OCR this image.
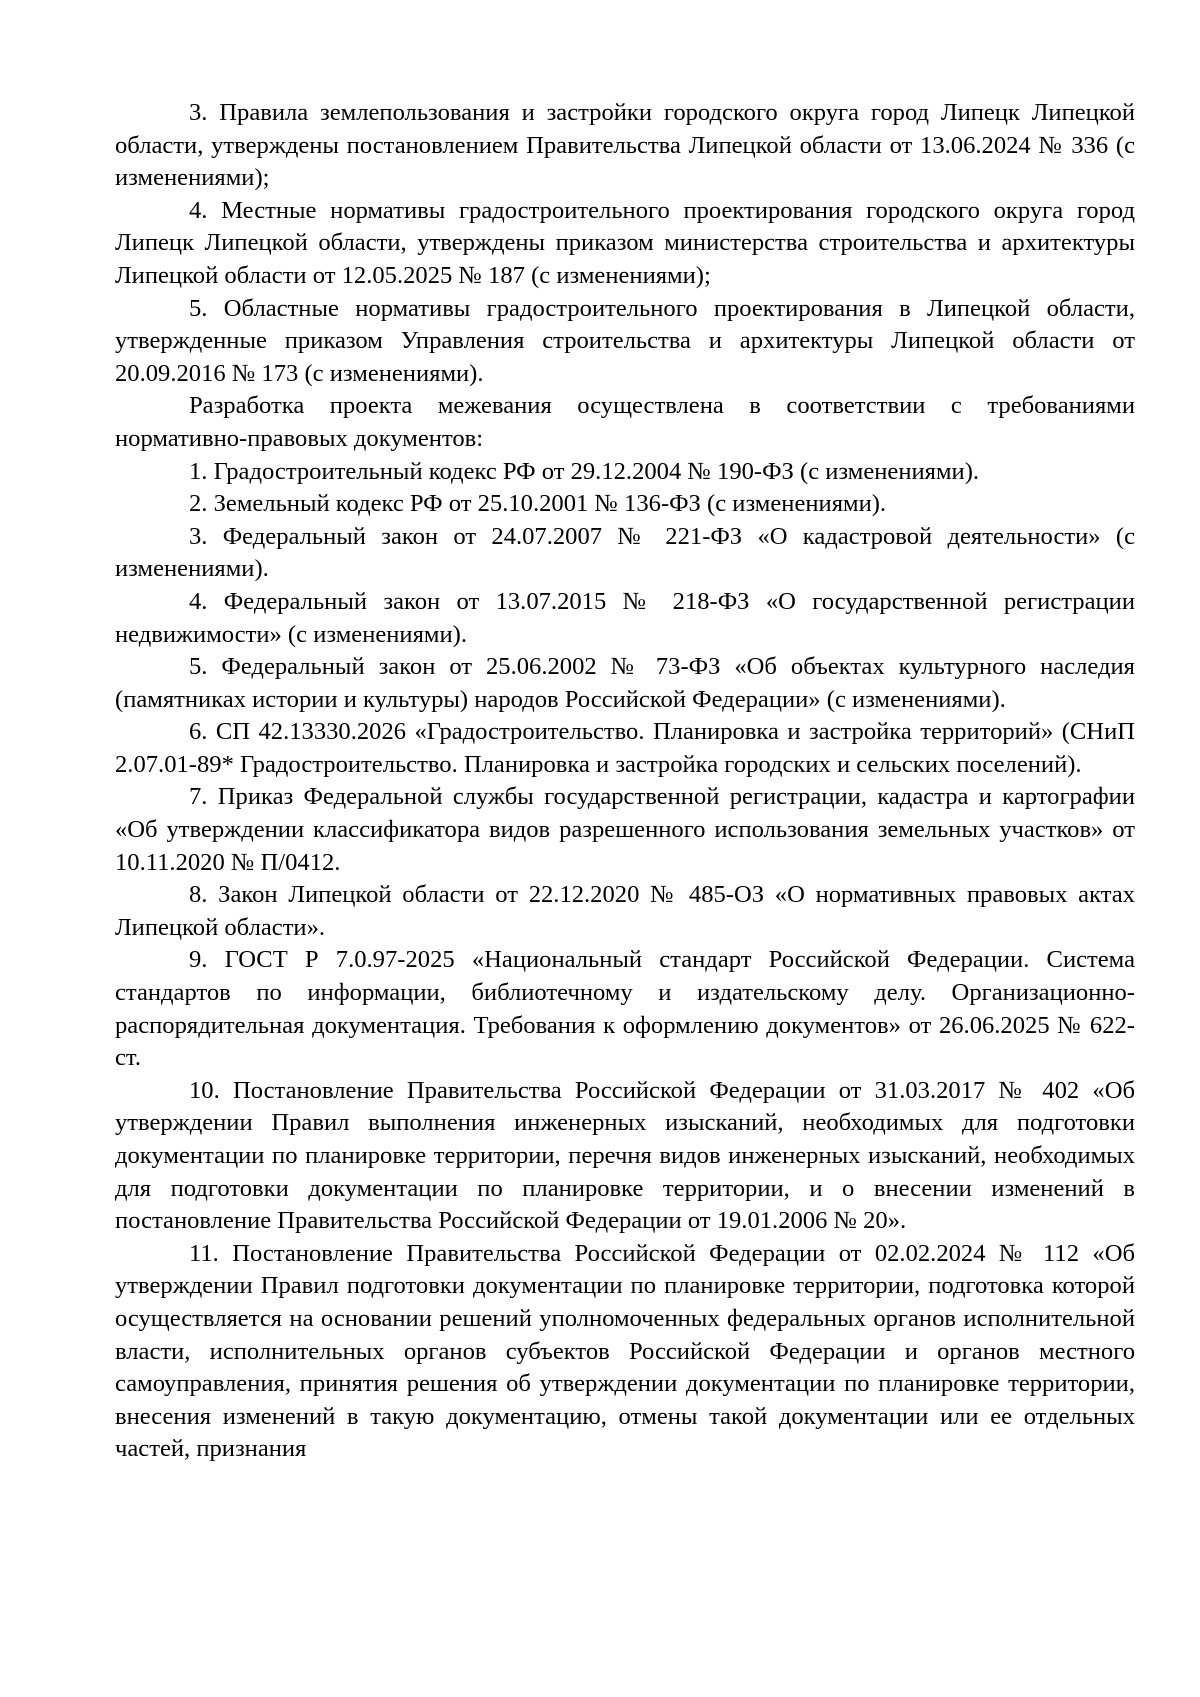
3. Правила землепользования и застройки городского округа город Липецк Липецкой области, утверждены постановлением Правительства Липецкой области от 13.06.2024 № 336 (с изменениями);

4. Местные нормативы градостроительного проектирования городского округа город Липецк Липецкой области, утверждены приказом министерства строительства и архитектуры Липецкой области от 12.05.2025 № 187 (с изменениями);

5. Областные нормативы градостроительного проектирования в Липецкой области, утвержденные приказом Управления строительства и архитектуры Липецкой области от 20.09.2016 № 173 (с изменениями).

Разработка проекта межевания осуществлена в соответствии с требованиями нормативно-правовых документов:

1. Градостроительный кодекс РФ от 29.12.2004 № 190-ФЗ (с изменениями).

2. Земельный кодекс РФ от 25.10.2001 № 136-ФЗ (с изменениями).

3. Федеральный закон от 24.07.2007 № 221-ФЗ «О кадастровой деятельности» (с изменениями).

4. Федеральный закон от 13.07.2015 № 218-ФЗ «О государственной регистрации недвижимости» (с изменениями).

5. Федеральный закон от 25.06.2002 № 73-ФЗ «Об объектах культурного наследия (памятниках истории и культуры) народов Российской Федерации» (с изменениями).

6. СП 42.13330.2026 «Градостроительство. Планировка и застройка территорий» (СНиП 2.07.01-89* Градостроительство. Планировка и застройка городских и сельских поселений).

7. Приказ Федеральной службы государственной регистрации, кадастра и картографии «Об утверждении классификатора видов разрешенного использования земельных участков» от 10.11.2020 № П/0412.

8. Закон Липецкой области от 22.12.2020 № 485-ОЗ «О нормативных правовых актах Липецкой области».

9. ГОСТ Р 7.0.97-2025 «Национальный стандарт Российской Федерации. Система стандартов по информации, библиотечному и издательскому делу. Организационно-распорядительная документация. Требования к оформлению документов» от 26.06.2025 № 622-ст.

10. Постановление Правительства Российской Федерации от 31.03.2017 № 402 «Об утверждении Правил выполнения инженерных изысканий, необходимых для подготовки документации по планировке территории, перечня видов инженерных изысканий, необходимых для подготовки документации по планировке территории, и о внесении изменений в постановление Правительства Российской Федерации от 19.01.2006 № 20».

11. Постановление Правительства Российской Федерации от 02.02.2024 № 112 «Об утверждении Правил подготовки документации по планировке территории, подготовка которой осуществляется на основании решений уполномоченных федеральных органов исполнительной власти, исполнительных органов субъектов Российской Федерации и органов местного самоуправления, принятия решения об утверждении документации по планировке территории, внесения изменений в такую документацию, отмены такой документации или ее отдельных частей, признания
